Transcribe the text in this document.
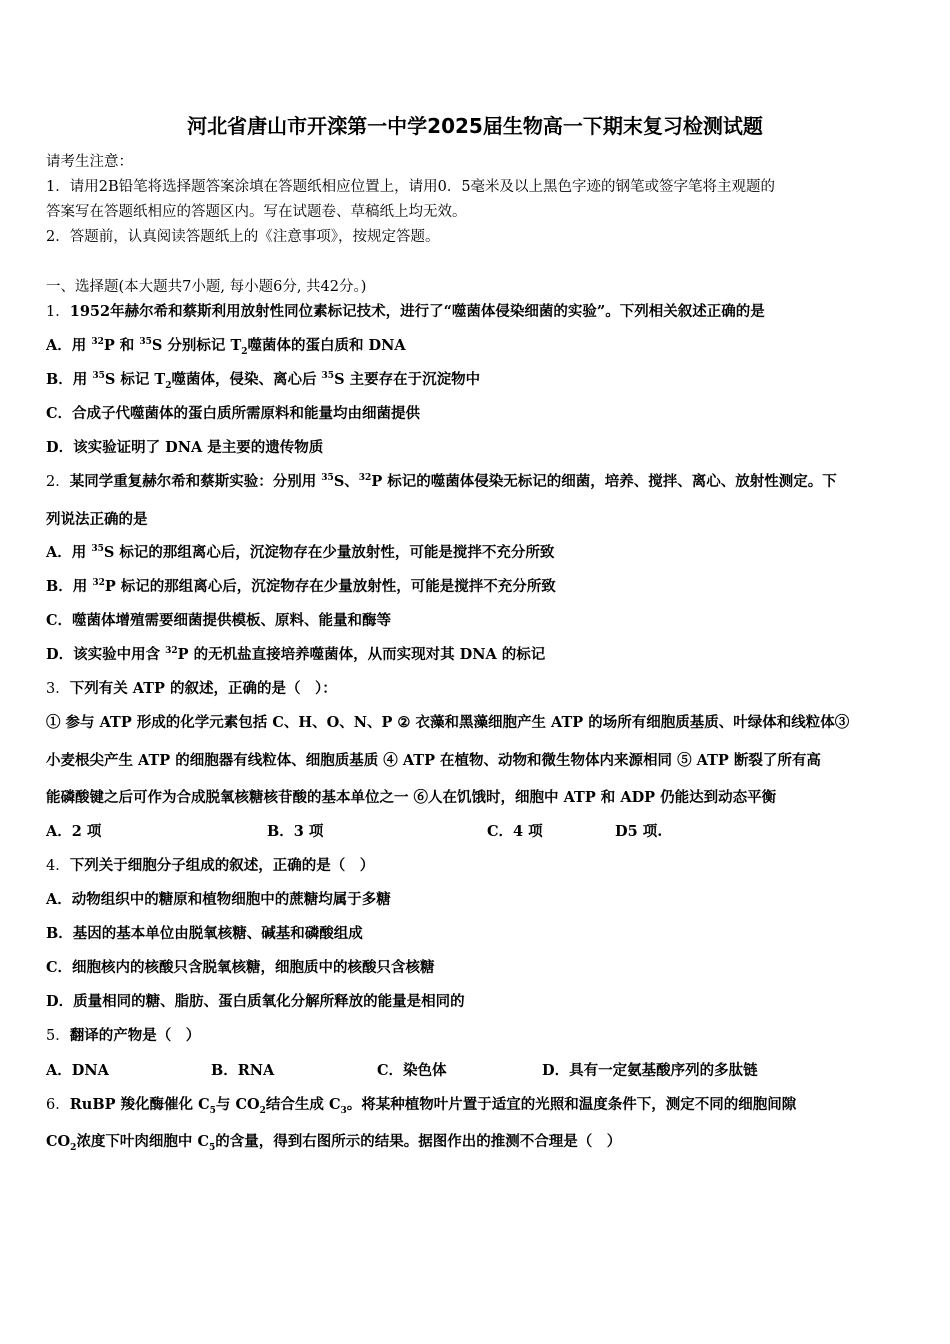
河北省唐山市开滦第一中学2025届生物高一下期末复习检测试题
请考生注意：
1．请用2B铅笔将选择题答案涂填在答题纸相应位置上，请用0．5毫米及以上黑色字迹的钢笔或签字笔将主观题的
答案写在答题纸相应的答题区内。写在试题卷、草稿纸上均无效。
2．答题前，认真阅读答题纸上的《注意事项》，按规定答题。
一、选择题(本大题共7小题, 每小题6分, 共42分。)
1．1952年赫尔希和蔡斯利用放射性同位素标记技术，进行了“噬菌体侵染细菌的实验”。下列相关叙述正确的是
A．用 $^{32}$P 和 $^{35}$S 分别标记 $T_2$噬菌体的蛋白质和 DNA
B．用 $^{35}$S 标记 $T_2$噬菌体，侵染、离心后 $^{35}$S 主要存在于沉淀物中
C．合成子代噬菌体的蛋白质所需原料和能量均由细菌提供
D．该实验证明了 DNA 是主要的遗传物质
2．某同学重复赫尔希和蔡斯实验：分别用 $^{35}$S、$^{32}$P 标记的噬菌体侵染无标记的细菌，培养、搅拌、离心、放射性测定。下
列说法正确的是
A．用 $^{35}$S 标记的那组离心后，沉淀物存在少量放射性，可能是搅拌不充分所致
B．用 $^{32}$P 标记的那组离心后，沉淀物存在少量放射性，可能是搅拌不充分所致
C．噬菌体增殖需要细菌提供模板、原料、能量和酶等
D．该实验中用含 $^{32}$P 的无机盐直接培养噬菌体，从而实现对其 DNA 的标记
3．下列有关 ATP 的叙述，正确的是（　）：
① 参与 ATP 形成的化学元素包括 C、H、O、N、P ② 衣藻和黑藻细胞产生 ATP 的场所有细胞质基质、叶绿体和线粒体③
小麦根尖产生 ATP 的细胞器有线粒体、细胞质基质 ④ ATP 在植物、动物和微生物体内来源相同 ⑤ ATP 断裂了所有高
能磷酸键之后可作为合成脱氧核糖核苷酸的基本单位之一 ⑥人在饥饿时，细胞中 ATP 和 ADP 仍能达到动态平衡
A．2 项	B．3 项	C．4 项	D5 项.
4．下列关于细胞分子组成的叙述，正确的是（　）
A．动物组织中的糖原和植物细胞中的蔗糖均属于多糖
B．基因的基本单位由脱氧核糖、碱基和磷酸组成
C．细胞核内的核酸只含脱氧核糖，细胞质中的核酸只含核糖
D．质量相同的糖、脂肪、蛋白质氧化分解所释放的能量是相同的
5．翻译的产物是（　）
A．DNA	B．RNA	C．染色体	D．具有一定氨基酸序列的多肽链
6．RuBP 羧化酶催化 $C_5$与 $CO_2$结合生成 $C_3$。将某种植物叶片置于适宜的光照和温度条件下，测定不同的细胞间隙
$CO_2$浓度下叶肉细胞中 $C_5$的含量，得到右图所示的结果。据图作出的推测不合理是（　）
